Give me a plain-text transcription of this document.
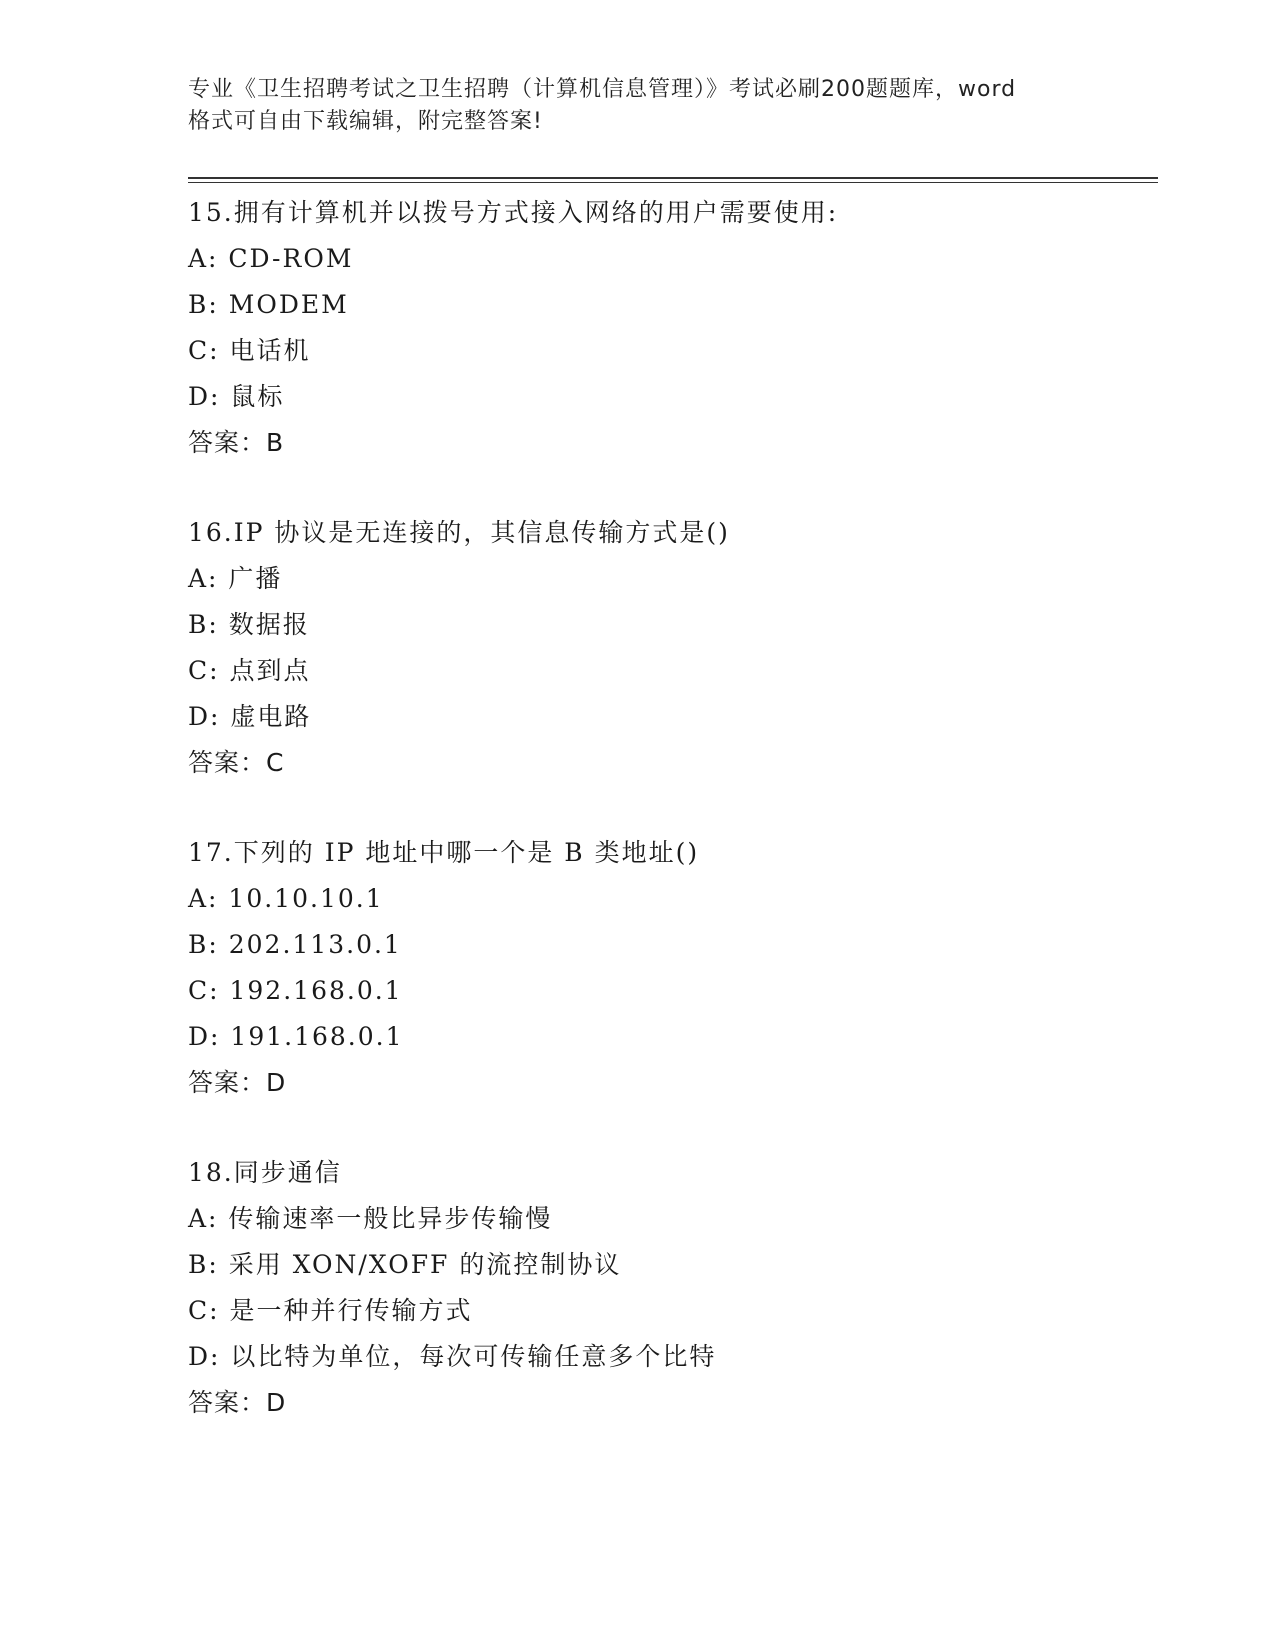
专业《卫生招聘考试之卫生招聘（计算机信息管理）》考试必刷200题题库，word
格式可自由下载编辑，附完整答案!
15.拥有计算机并以拨号方式接入网络的用户需要使用:
A: CD-ROM
B: MODEM
C: 电话机
D: 鼠标
答案：B
16.IP 协议是无连接的，其信息传输方式是()
A: 广播
B: 数据报
C: 点到点
D: 虚电路
答案：C
17.下列的 IP 地址中哪一个是 B 类地址()
A: 10.10.10.1
B: 202.113.0.1
C: 192.168.0.1
D: 191.168.0.1
答案：D
18.同步通信
A: 传输速率一般比异步传输慢
B: 采用 XON/XOFF 的流控制协议
C: 是一种并行传输方式
D: 以比特为单位，每次可传输任意多个比特
答案：D
